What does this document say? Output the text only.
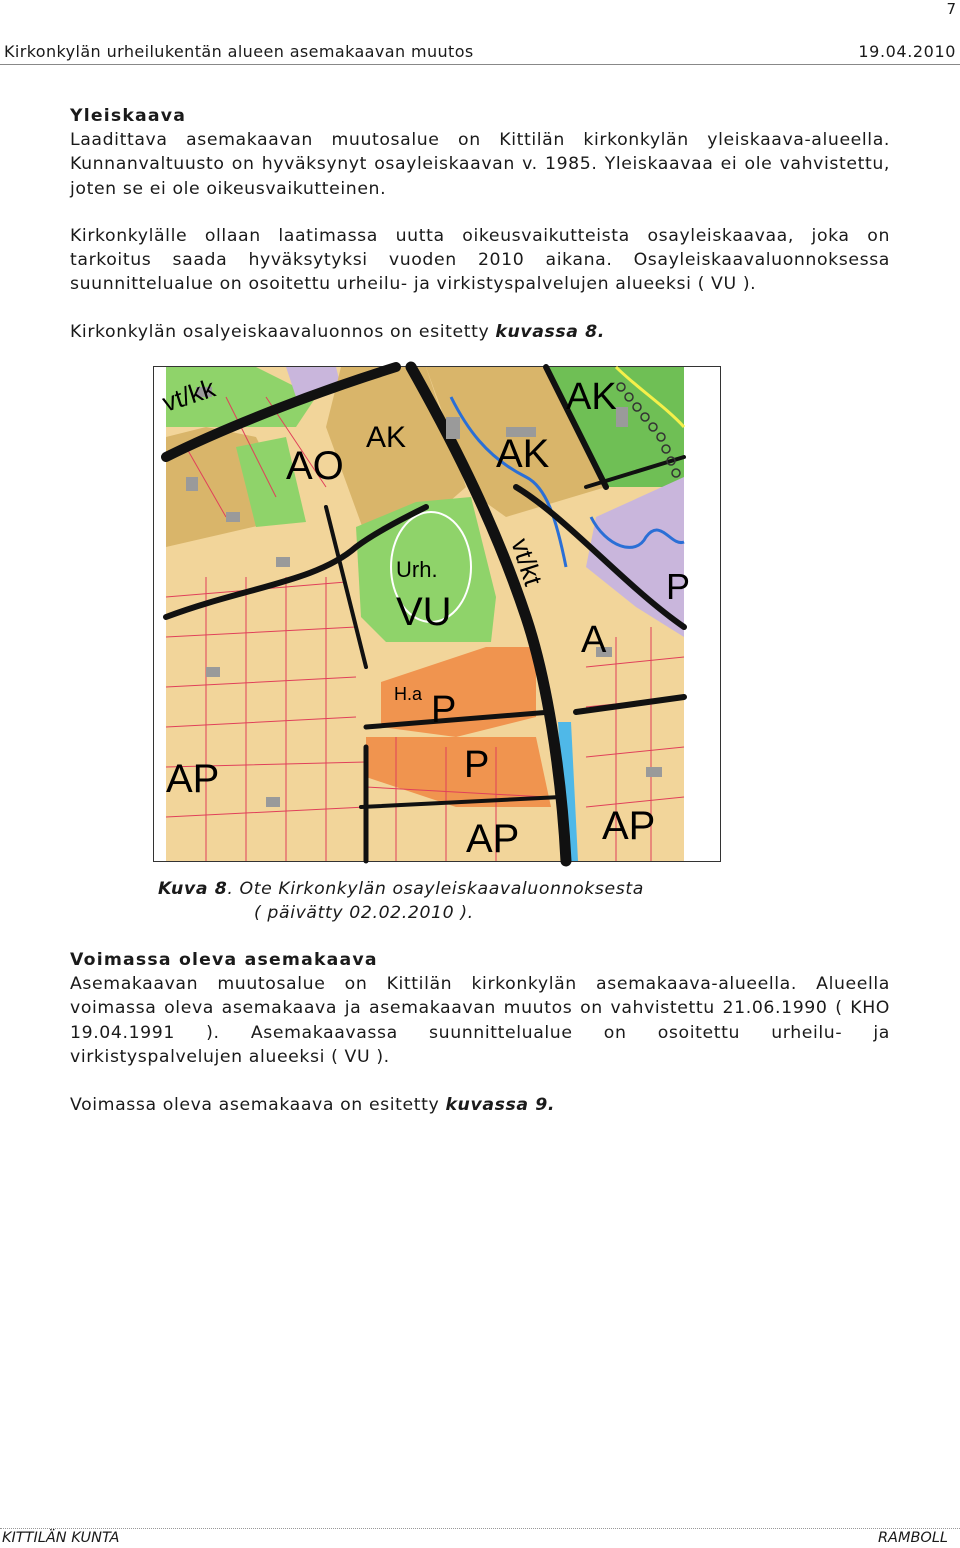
7
Kirkonkylän urheilukentän alueen asemakaavan muutos	19.04.2010

Yleiskaava

Laadittava asemakaavan muutosalue on Kittilän kirkonkylän yleiskaava-alueella. Kunnanvaltuusto on hyväksynyt osayleiskaavan v. 1985. Yleiskaavaa ei ole vahvistettu, joten se ei ole oikeusvaikutteinen.

Kirkonkylälle ollaan laatimassa uutta oikeusvaikutteista osayleiskaavaa, joka on tarkoitus saada hyväksytyksi vuoden 2010 aikana. Osayleiskaavaluonnoksessa suunnittelualue on osoitettu urheilu- ja virkistyspalvelujen alueeksi ( VU ).

Kirkonkylän osalyeiskaavaluonnos on esitetty kuvassa 8.

AO
AK AK
AK
Urh.
VU
P
A
P
P
H.a
AP
AP AP
vt/kk
vt/kt
Kuva 8. Ote Kirkonkylän osayleiskaavaluonnoksesta
( päivätty 02.02.2010 ).

Voimassa oleva asemakaava

Asemakaavan muutosalue on Kittilän kirkonkylän asemakaava-alueella. Alueella voimassa oleva asemakaava ja asemakaavan muutos on vahvistettu 21.06.1990 ( KHO 19.04.1991 ). Asemakaavassa suunnittelualue on osoitettu urheilu- ja virkistyspalvelujen alueeksi ( VU ).

Voimassa oleva asemakaava on esitetty kuvassa 9.

KITTILÄN KUNTA	RAMBOLL
